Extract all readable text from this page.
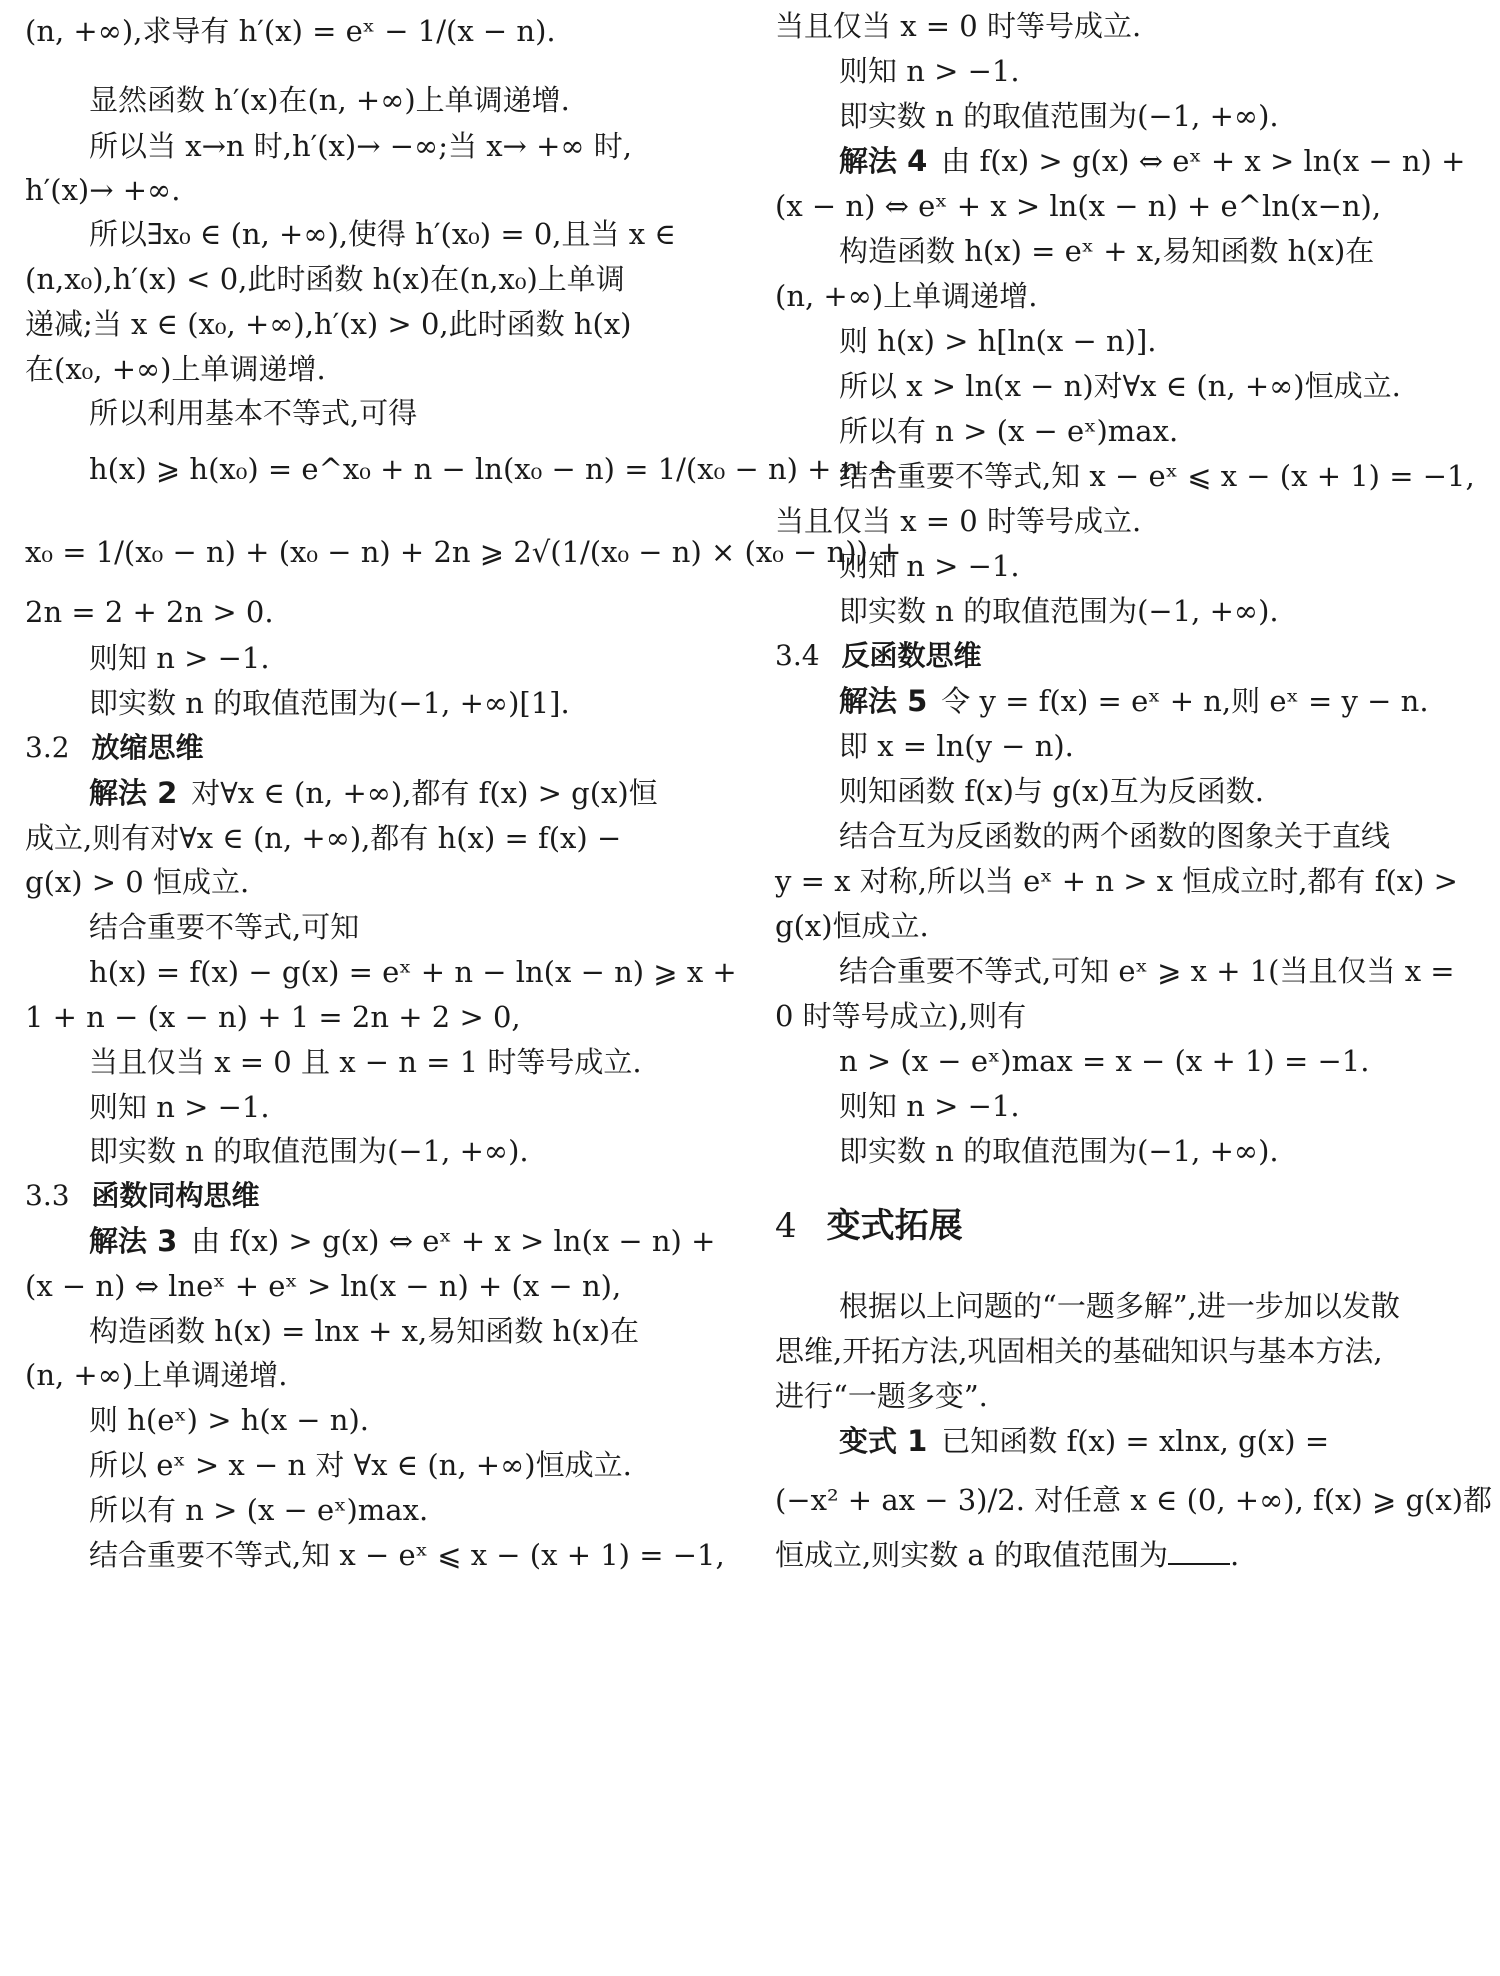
(n, +∞),求导有 h′(x) = eˣ − 1/(x − n).
显然函数 h′(x)在(n, +∞)上单调递增.
所以当 x→n 时,h′(x)→ −∞;当 x→ +∞ 时,
h′(x)→ +∞.
所以∃x₀ ∈ (n, +∞),使得 h′(x₀) = 0,且当 x ∈
(n,x₀),h′(x) < 0,此时函数 h(x)在(n,x₀)上单调
递减;当 x ∈ (x₀, +∞),h′(x) > 0,此时函数 h(x)
在(x₀, +∞)上单调递增.
所以利用基本不等式,可得
h(x) ⩾ h(x₀) = e^x₀ + n − ln(x₀ − n) = 1/(x₀ − n) + n +
x₀ = 1/(x₀ − n) + (x₀ − n) + 2n ⩾ 2√(1/(x₀ − n) × (x₀ − n)) +
2n = 2 + 2n > 0.
则知 n > −1.
即实数 n 的取值范围为(−1, +∞)[1].
3.2 放缩思维
解法 2 对∀x ∈ (n, +∞),都有 f(x) > g(x)恒
成立,则有对∀x ∈ (n, +∞),都有 h(x) = f(x) −
g(x) > 0 恒成立.
结合重要不等式,可知
h(x) = f(x) − g(x) = eˣ + n − ln(x − n) ⩾ x +
1 + n − (x − n) + 1 = 2n + 2 > 0,
当且仅当 x = 0 且 x − n = 1 时等号成立.
则知 n > −1.
即实数 n 的取值范围为(−1, +∞).
3.3 函数同构思维
解法 3 由 f(x) > g(x) ⇔ eˣ + x > ln(x − n) +
(x − n) ⇔ lneˣ + eˣ > ln(x − n) + (x − n),
构造函数 h(x) = lnx + x,易知函数 h(x)在
(n, +∞)上单调递增.
则 h(eˣ) > h(x − n).
所以 eˣ > x − n 对 ∀x ∈ (n, +∞)恒成立.
所以有 n > (x − eˣ)max.
结合重要不等式,知 x − eˣ ⩽ x − (x + 1) = −1,
当且仅当 x = 0 时等号成立.
则知 n > −1.
即实数 n 的取值范围为(−1, +∞).
解法 4 由 f(x) > g(x) ⇔ eˣ + x > ln(x − n) +
(x − n) ⇔ eˣ + x > ln(x − n) + e^ln(x−n),
构造函数 h(x) = eˣ + x,易知函数 h(x)在
(n, +∞)上单调递增.
则 h(x) > h[ln(x − n)].
所以 x > ln(x − n)对∀x ∈ (n, +∞)恒成立.
所以有 n > (x − eˣ)max.
结合重要不等式,知 x − eˣ ⩽ x − (x + 1) = −1,
当且仅当 x = 0 时等号成立.
则知 n > −1.
即实数 n 的取值范围为(−1, +∞).
3.4 反函数思维
解法 5 令 y = f(x) = eˣ + n,则 eˣ = y − n.
即 x = ln(y − n).
则知函数 f(x)与 g(x)互为反函数.
结合互为反函数的两个函数的图象关于直线
y = x 对称,所以当 eˣ + n > x 恒成立时,都有 f(x) >
g(x)恒成立.
结合重要不等式,可知 eˣ ⩾ x + 1(当且仅当 x =
0 时等号成立),则有
n > (x − eˣ)max = x − (x + 1) = −1.
则知 n > −1.
即实数 n 的取值范围为(−1, +∞).
4 变式拓展
根据以上问题的“一题多解”,进一步加以发散
思维,开拓方法,巩固相关的基础知识与基本方法,
进行“一题多变”.
变式 1 已知函数 f(x) = xlnx, g(x) =
(−x² + ax − 3)/2. 对任意 x ∈ (0, +∞), f(x) ⩾ g(x)都
恒成立,则实数 a 的取值范围为 .
